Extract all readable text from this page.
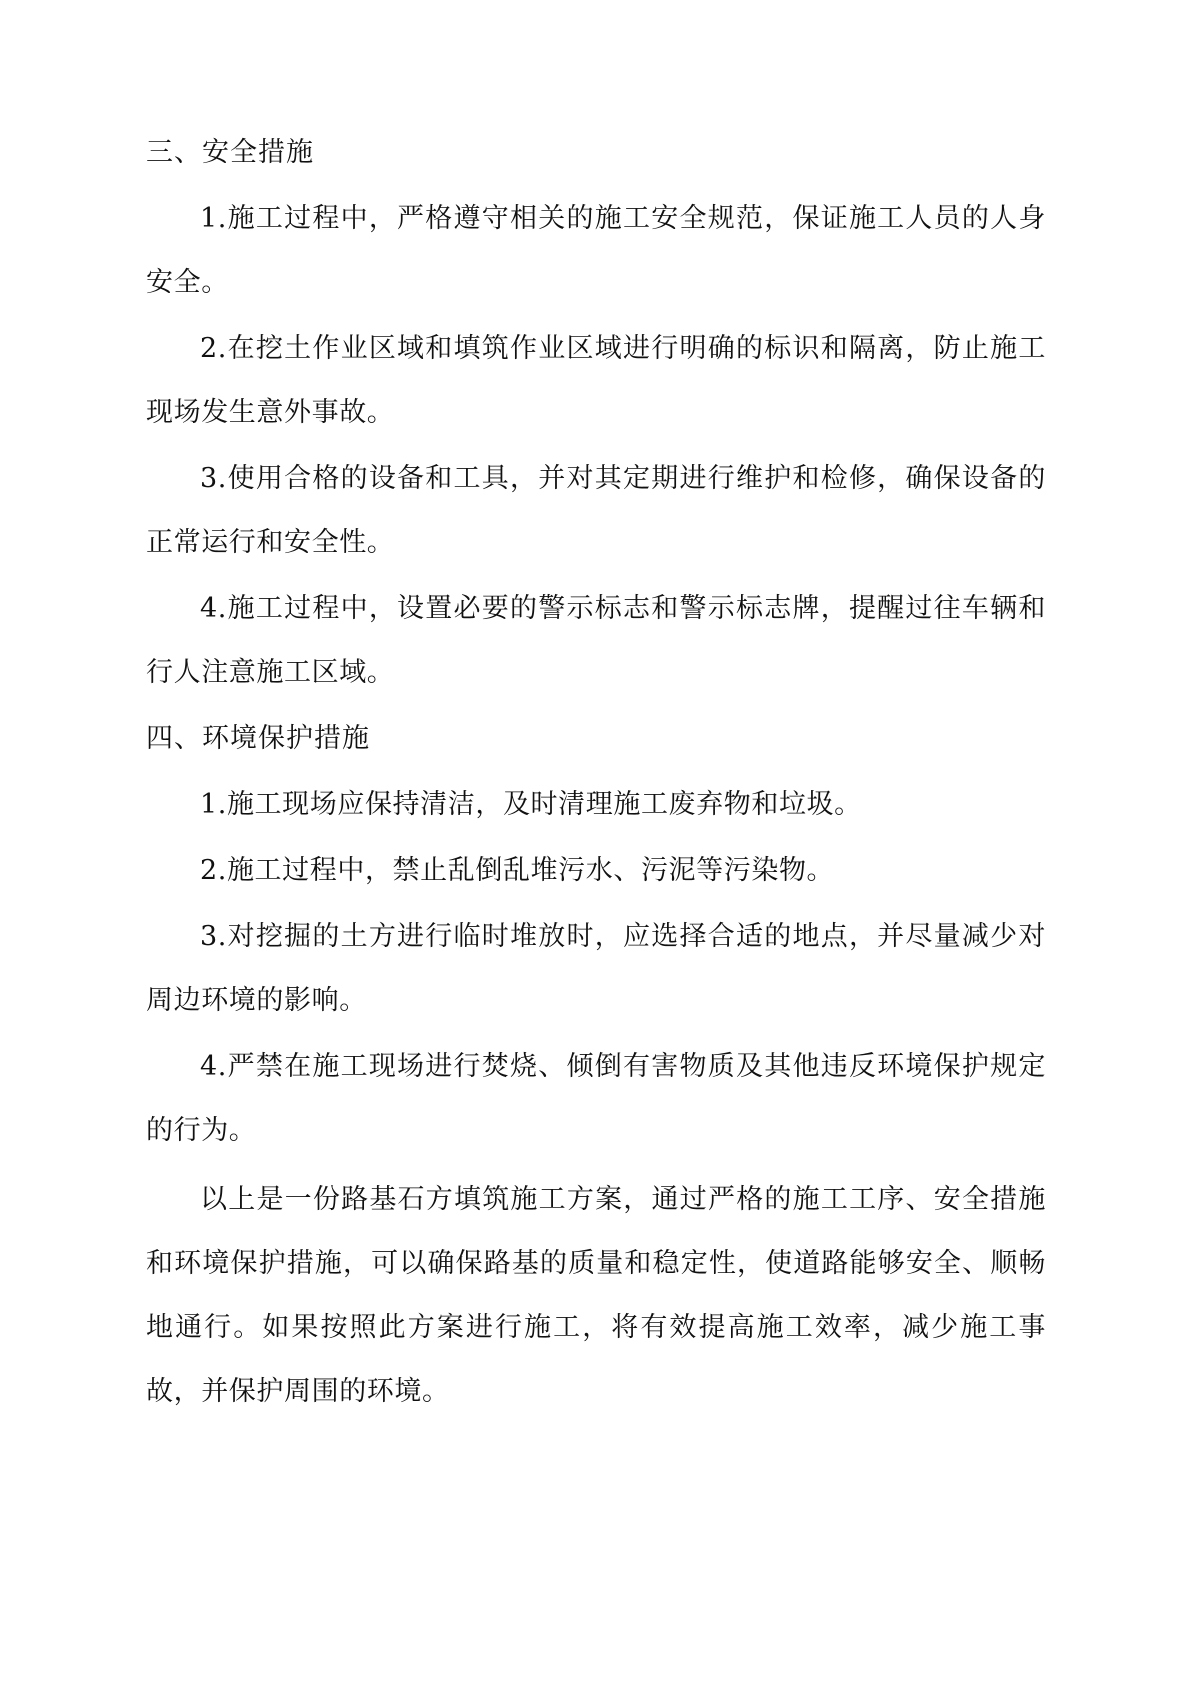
三、安全措施

1.施工过程中，严格遵守相关的施工安全规范，保证施工人员的人身安全。

2.在挖土作业区域和填筑作业区域进行明确的标识和隔离，防止施工现场发生意外事故。

3.使用合格的设备和工具，并对其定期进行维护和检修，确保设备的正常运行和安全性。

4.施工过程中，设置必要的警示标志和警示标志牌，提醒过往车辆和行人注意施工区域。

四、环境保护措施

1.施工现场应保持清洁，及时清理施工废弃物和垃圾。

2.施工过程中，禁止乱倒乱堆污水、污泥等污染物。

3.对挖掘的土方进行临时堆放时，应选择合适的地点，并尽量减少对周边环境的影响。

4.严禁在施工现场进行焚烧、倾倒有害物质及其他违反环境保护规定的行为。

以上是一份路基石方填筑施工方案，通过严格的施工工序、安全措施和环境保护措施，可以确保路基的质量和稳定性，使道路能够安全、顺畅地通行。如果按照此方案进行施工，将有效提高施工效率，减少施工事故，并保护周围的环境。
